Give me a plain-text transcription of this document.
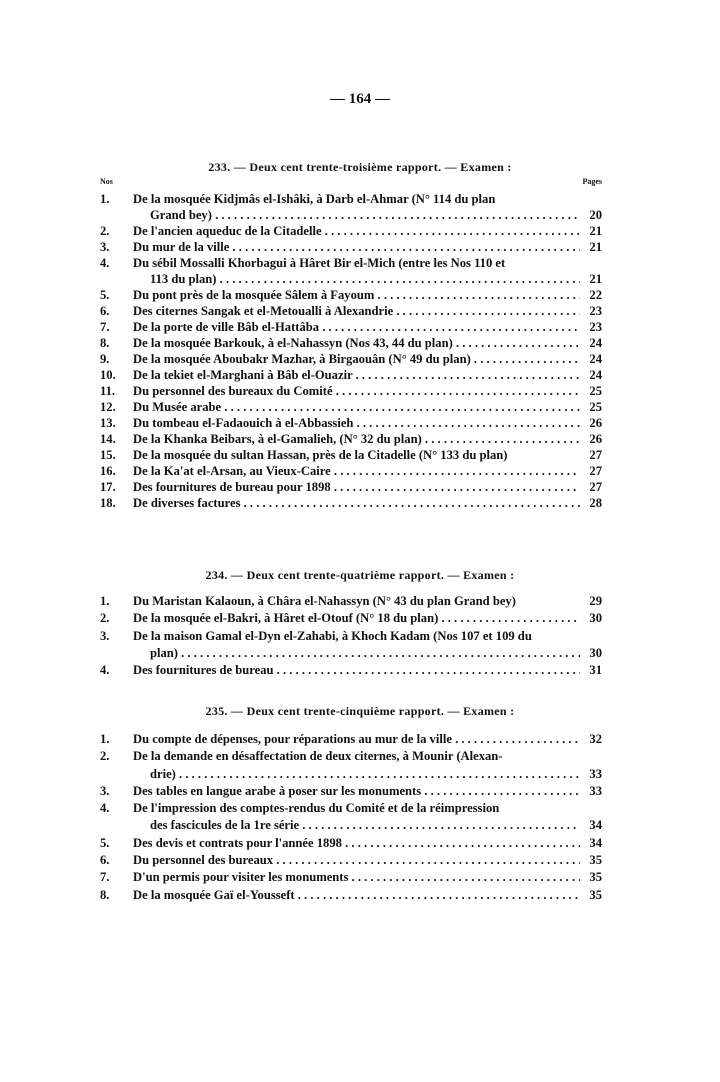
— 164 —
233. — Deux cent trente-troisième rapport. — Examen :
Nos	Pages
1.	De la mosquée Kidjmâs el-Ishâki, à Darb el-Ahmar (N° 114 du plan
Grand bey) . . .	20
2.	De l'ancien aqueduc de la Citadelle . . .	21
3.	Du mur de la ville . . .	21
4.	Du sébil Mossalli Khorbagui à Hâret Bir el-Mich (entre les Nos 110 et
113 du plan) . . .	21
5.	Du pont près de la mosquée Sâlem à Fayoum . . .	22
6.	Des citernes Sangak et el-Metoualli à Alexandrie . . .	23
7.	De la porte de ville Bâb el-Hattâba . . .	23
8.	De la mosquée Barkouk, à el-Nahassyn (Nos 43, 44 du plan) . . .	24
9.	De la mosquée Aboubakr Mazhar, à Birgaouân (N° 49 du plan) . . .	24
10.	De la tekiet el-Marghani à Bâb el-Ouazir . . .	24
11.	Du personnel des bureaux du Comité . . .	25
12.	Du Musée arabe . . .	25
13.	Du tombeau el-Fadaouich à el-Abbassieh . . .	26
14.	De la Khanka Beibars, à el-Gamalieh, (N° 32 du plan) . . .	26
15.	De la mosquée du sultan Hassan, près de la Citadelle (N° 133 du plan)	27
16.	De la Ka'at el-Arsan, au Vieux-Caire . . .	27
17.	Des fournitures de bureau pour 1898 . . .	27
18.	De diverses factures . . .	28
234. — Deux cent trente-quatrième rapport. — Examen :
1.	Du Maristan Kalaoun, à Châra el-Nahassyn (N° 43 du plan Grand bey)	29
2.	De la mosquée el-Bakri, à Hâret el-Otouf (N° 18 du plan) . . .	30
3.	De la maison Gamal el-Dyn el-Zahabi, à Khoch Kadam (Nos 107 et 109 du
plan) . . .	30
4.	Des fournitures de bureau . . .	31
235. — Deux cent trente-cinquième rapport. — Examen :
1.	Du compte de dépenses, pour réparations au mur de la ville . . .	32
2.	De la demande en désaffectation de deux citernes, à Mounir (Alexan-
drie) . . .	33
3.	Des tables en langue arabe à poser sur les monuments . . .	33
4.	De l'impression des comptes-rendus du Comité et de la réimpression
des fascicules de la 1re série . . .	34
5.	Des devis et contrats pour l'année 1898 . . .	34
6.	Du personnel des bureaux . . .	35
7.	D'un permis pour visiter les monuments . . .	35
8.	De la mosquée Gaï el-Yousseft . . .	35
